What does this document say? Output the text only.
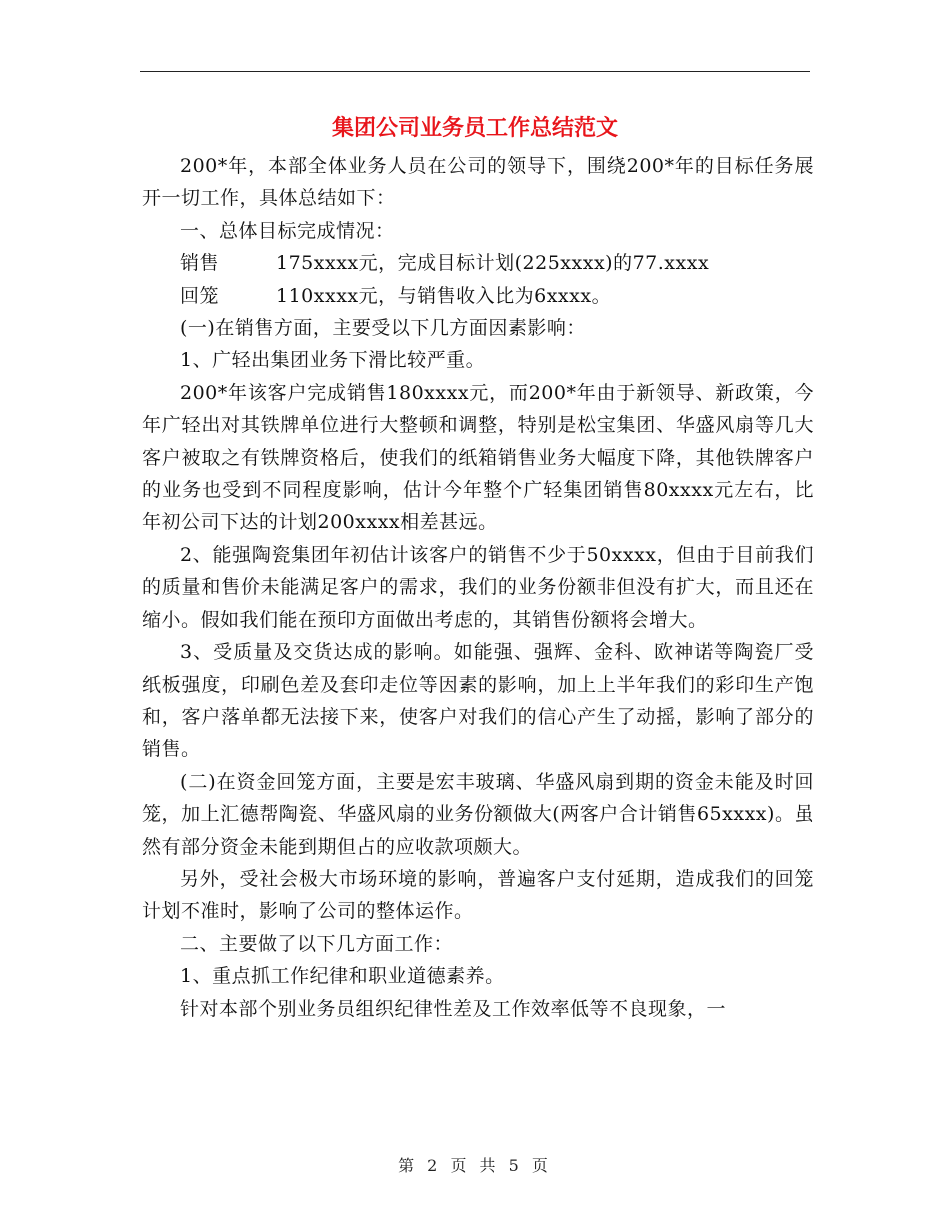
集团公司业务员工作总结范文

200*年，本部全体业务人员在公司的领导下，围绕200*年的目标任务展开一切工作，具体总结如下：

一、总体目标完成情况：

销售	175xxxx元，完成目标计划(225xxxx)的77.xxxx
回笼	110xxxx元，与销售收入比为6xxxx。

(一)在销售方面，主要受以下几方面因素影响：

1、广轻出集团业务下滑比较严重。

200*年该客户完成销售180xxxx元，而200*年由于新领导、新政策，今年广轻出对其铁牌单位进行大整顿和调整，特别是松宝集团、华盛风扇等几大客户被取之有铁牌资格后，使我们的纸箱销售业务大幅度下降，其他铁牌客户的业务也受到不同程度影响，估计今年整个广轻集团销售80xxxx元左右，比年初公司下达的计划200xxxx相差甚远。

2、能强陶瓷集团年初估计该客户的销售不少于50xxxx，但由于目前我们的质量和售价未能满足客户的需求，我们的业务份额非但没有扩大，而且还在缩小。假如我们能在预印方面做出考虑的，其销售份额将会增大。

3、受质量及交货达成的影响。如能强、强辉、金科、欧神诺等陶瓷厂受纸板强度，印刷色差及套印走位等因素的影响，加上上半年我们的彩印生产饱和，客户落单都无法接下来，使客户对我们的信心产生了动摇，影响了部分的销售。

(二)在资金回笼方面，主要是宏丰玻璃、华盛风扇到期的资金未能及时回笼，加上汇德帮陶瓷、华盛风扇的业务份额做大(两客户合计销售65xxxx)。虽然有部分资金未能到期但占的应收款项颇大。

另外，受社会极大市场环境的影响，普遍客户支付延期，造成我们的回笼计划不准时，影响了公司的整体运作。

二、主要做了以下几方面工作：

1、重点抓工作纪律和职业道德素养。

针对本部个别业务员组织纪律性差及工作效率低等不良现象，一

第 2 页 共 5 页
